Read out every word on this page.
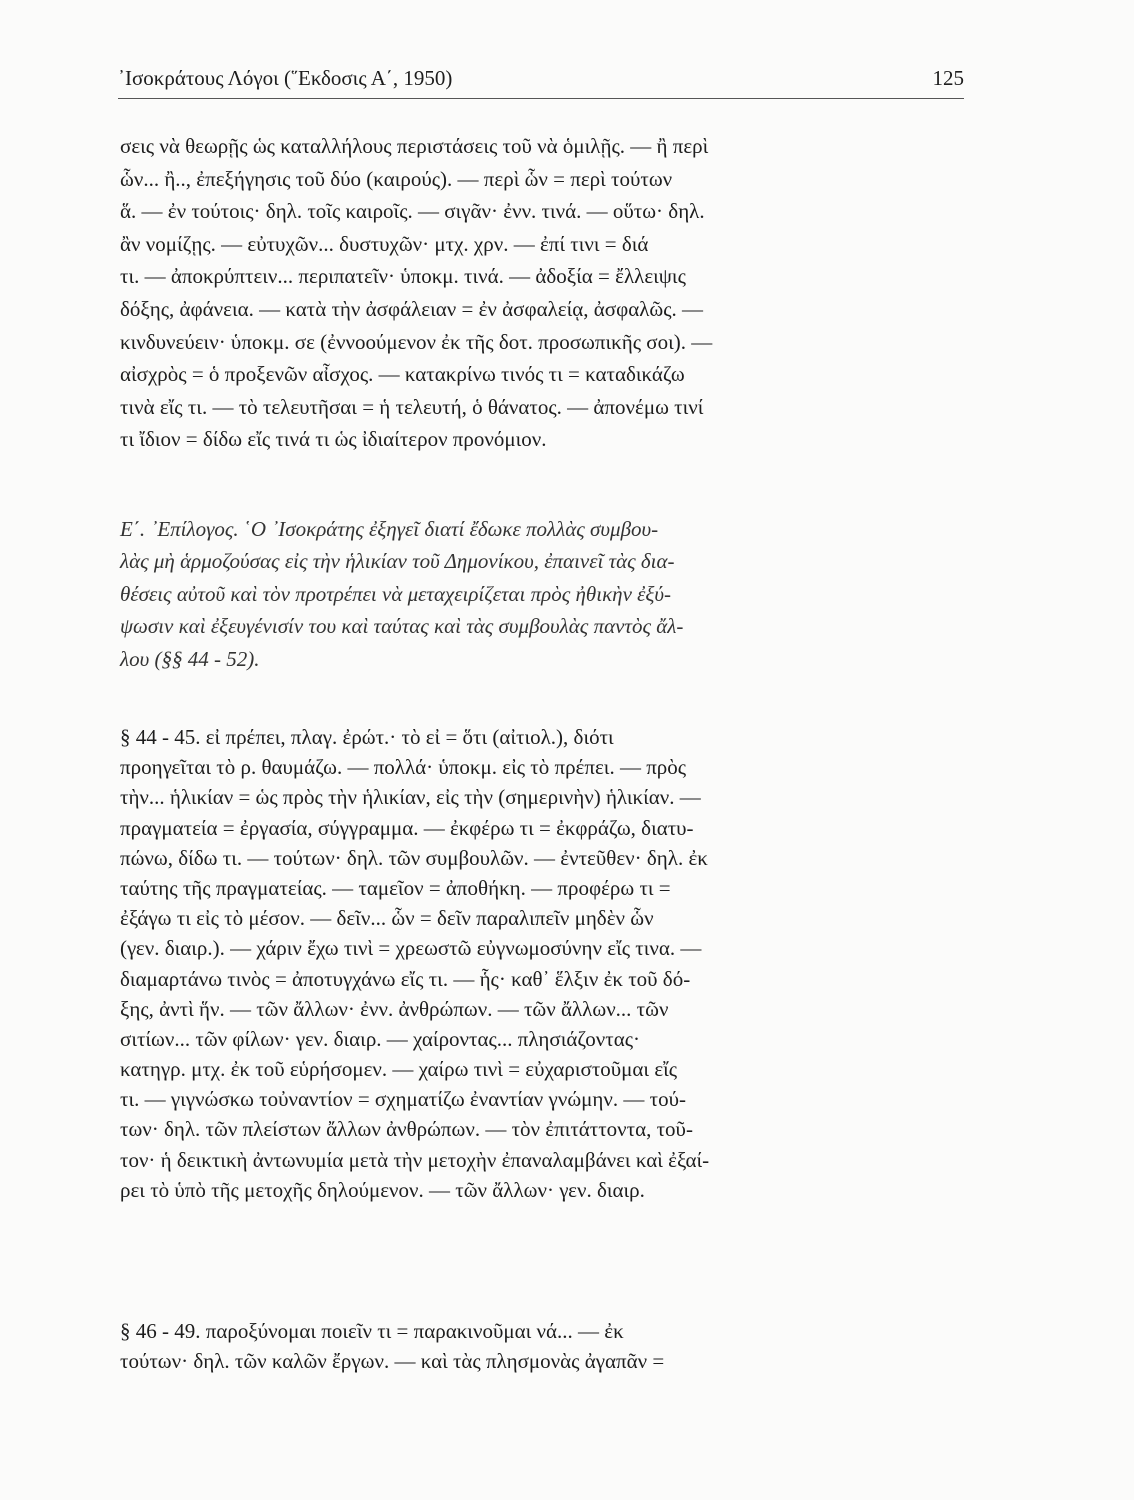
᾽Ισοκράτους Λόγοι (῞Εκδοσις Α΄, 1950)	125
σεις νὰ θεωρῇς ὡς καταλλήλους περιστάσεις τοῦ νὰ ὁμιλῇς. — ἢ περὶ
ὧν... ἢ.., ἐπεξήγησις τοῦ δύο (καιρούς). — περὶ ὧν = περὶ τούτων
ἅ. — ἐν τούτοις· δηλ. τοῖς καιροῖς. — σιγᾶν· ἐνν. τινά. — οὕτω· δηλ.
ἂν νομίζῃς. — εὐτυχῶν... δυστυχῶν· μτχ. χρν. — ἐπί τινι = διά
τι. — ἀποκρύπτειν... περιπατεῖν· ὑποκμ. τινά. — ἀδοξία = ἔλλειψις
δόξης, ἀφάνεια. — κατὰ τὴν ἀσφάλειαν = ἐν ἀσφαλείᾳ, ἀσφαλῶς. —
κινδυνεύειν· ὑποκμ. σε (ἐννοούμενον ἐκ τῆς δοτ. προσωπικῆς σοι). —
αἰσχρὸς = ὁ προξενῶν αἶσχος. — κατακρίνω τινός τι = καταδικάζω
τινὰ εἴς τι. — τὸ τελευτῆσαι = ἡ τελευτή, ὁ θάνατος. — ἀπονέμω τινί
τι ἴδιον = δίδω εἴς τινά τι ὡς ἰδιαίτερον προνόμιον.
Ε΄. ᾽Επίλογος. ῾Ο ᾽Ισοκράτης ἐξηγεῖ διατί ἔδωκε πολλὰς συμβου-
λὰς μὴ ἁρμοζούσας εἰς τὴν ἡλικίαν τοῦ Δημονίκου, ἐπαινεῖ τὰς δια-
θέσεις αὐτοῦ καὶ τὸν προτρέπει νὰ μεταχειρίζεται πρὸς ἠθικὴν ἐξύ-
ψωσιν καὶ ἐξευγένισίν του καὶ ταύτας καὶ τὰς συμβουλὰς παντὸς ἄλ-
λου (§§ 44 - 52).
§ 44 - 45. εἰ πρέπει, πλαγ. ἐρώτ.· τὸ εἰ = ὅτι (αἰτιολ.), διότι
προηγεῖται τὸ ρ. θαυμάζω. — πολλά· ὑποκμ. εἰς τὸ πρέπει. — πρὸς
τὴν... ἡλικίαν = ὡς πρὸς τὴν ἡλικίαν, εἰς τὴν (σημερινὴν) ἡλικίαν. —
πραγματεία = ἐργασία, σύγγραμμα. — ἐκφέρω τι = ἐκφράζω, διατυ-
πώνω, δίδω τι. — τούτων· δηλ. τῶν συμβουλῶν. — ἐντεῦθεν· δηλ. ἐκ
ταύτης τῆς πραγματείας. — ταμεῖον = ἀποθήκη. — προφέρω τι =
ἐξάγω τι εἰς τὸ μέσον. — δεῖν... ὧν = δεῖν παραλιπεῖν μηδὲν ὧν
(γεν. διαιρ.). — χάριν ἔχω τινὶ = χρεωστῶ εὐγνωμοσύνην εἴς τινα. —
διαμαρτάνω τινὸς = ἀποτυγχάνω εἴς τι. — ἧς· καθ᾽ ἕλξιν ἐκ τοῦ δό-
ξης, ἀντὶ ἥν. — τῶν ἄλλων· ἐνν. ἀνθρώπων. — τῶν ἄλλων... τῶν
σιτίων... τῶν φίλων· γεν. διαιρ. — χαίροντας... πλησιάζοντας·
κατηγρ. μτχ. ἐκ τοῦ εὑρήσομεν. — χαίρω τινὶ = εὐχαριστοῦμαι εἴς
τι. — γιγνώσκω τοὐναντίον = σχηματίζω ἐναντίαν γνώμην. — τού-
των· δηλ. τῶν πλείστων ἄλλων ἀνθρώπων. — τὸν ἐπιτάττοντα, τοῦ-
τον· ἡ δεικτικὴ ἀντωνυμία μετὰ τὴν μετοχὴν ἐπαναλαμβάνει καὶ ἐξαί-
ρει τὸ ὑπὸ τῆς μετοχῆς δηλούμενον. — τῶν ἄλλων· γεν. διαιρ.
§ 46 - 49. παροξύνομαι ποιεῖν τι = παρακινοῦμαι νά... — ἐκ
τούτων· δηλ. τῶν καλῶν ἔργων. — καὶ τὰς πλησμονὰς ἀγαπᾶν =
